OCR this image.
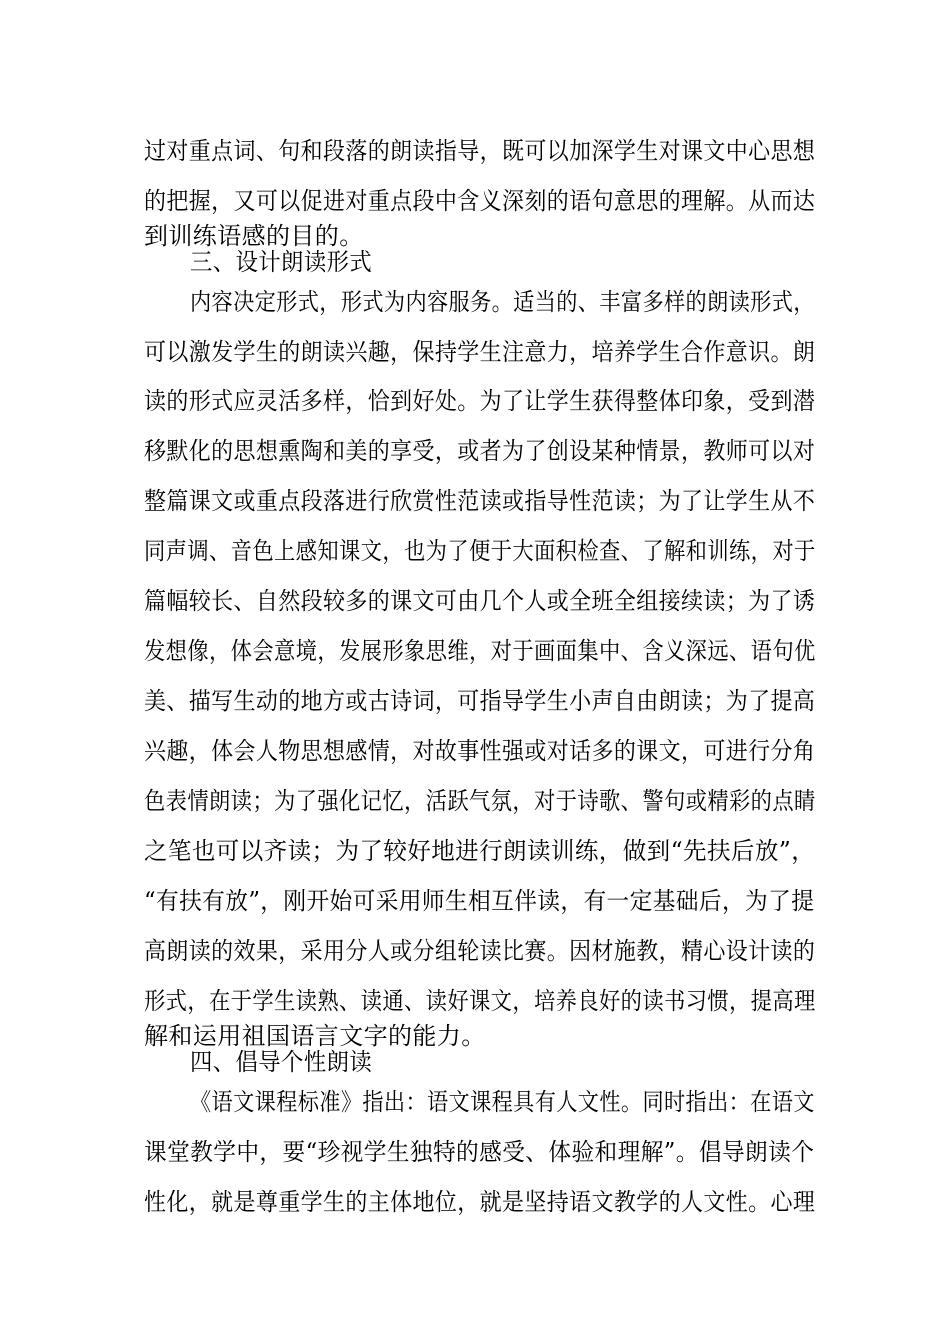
过对重点词、句和段落的朗读指导，既可以加深学生对课文中心思想
的把握，又可以促进对重点段中含义深刻的语句意思的理解。从而达
到训练语感的目的。
三、设计朗读形式
内容决定形式，形式为内容服务。适当的、丰富多样的朗读形式，
可以激发学生的朗读兴趣，保持学生注意力，培养学生合作意识。朗
读的形式应灵活多样，恰到好处。为了让学生获得整体印象，受到潜
移默化的思想熏陶和美的享受，或者为了创设某种情景，教师可以对
整篇课文或重点段落进行欣赏性范读或指导性范读；为了让学生从不
同声调、音色上感知课文，也为了便于大面积检查、了解和训练，对于
篇幅较长、自然段较多的课文可由几个人或全班全组接续读；为了诱
发想像，体会意境，发展形象思维，对于画面集中、含义深远、语句优
美、描写生动的地方或古诗词，可指导学生小声自由朗读；为了提高
兴趣，体会人物思想感情，对故事性强或对话多的课文，可进行分角
色表情朗读；为了强化记忆，活跃气氛，对于诗歌、警句或精彩的点睛
之笔也可以齐读；为了较好地进行朗读训练，做到“先扶后放”，
“有扶有放”，刚开始可采用师生相互伴读，有一定基础后，为了提
高朗读的效果，采用分人或分组轮读比赛。因材施教，精心设计读的
形式，在于学生读熟、读通、读好课文，培养良好的读书习惯，提高理
解和运用祖国语言文字的能力。
四、倡导个性朗读
《语文课程标准》指出：语文课程具有人文性。同时指出：在语文
课堂教学中，要“珍视学生独特的感受、体验和理解”。倡导朗读个
性化，就是尊重学生的主体地位，就是坚持语文教学的人文性。心理
